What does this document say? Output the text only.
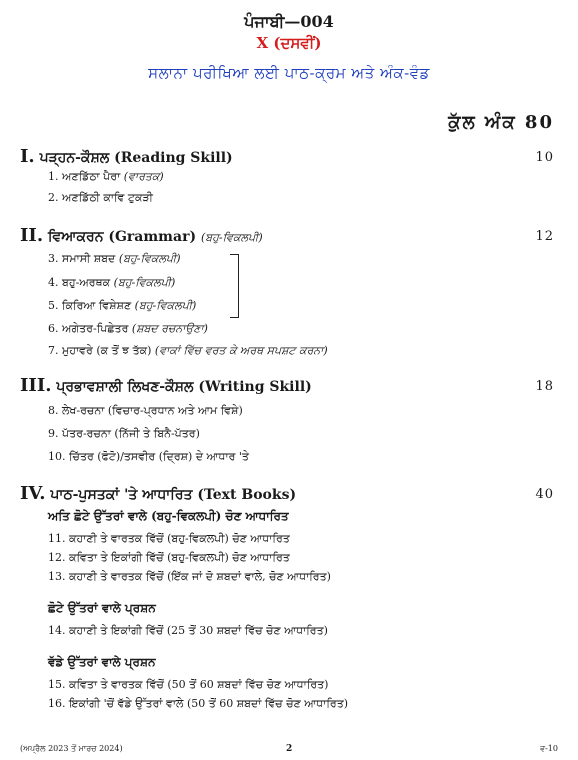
ਪੰਜਾਬੀ—004
X (ਦਸਵੀਂ)
ਸਲਾਨਾ ਪਰੀਖਿਆ ਲਈ ਪਾਠ-ਕ੍ਰਮ ਅਤੇ ਅੰਕ-ਵੰਡ
ਕੁੱਲ ਅੰਕ 80
I. ਪੜ੍ਹਨ-ਕੌਸ਼ਲ (Reading Skill)	10
1. ਅਣਡਿੱਠਾ ਪੈਰਾ (ਵਾਰਤਕ)
2. ਅਣਡਿੱਠੀ ਕਾਵਿ ਟੁਕੜੀ
II. ਵਿਆਕਰਨ (Grammar) (ਬਹੁ-ਵਿਕਲਪੀ)	12
3. ਸਮਾਸੀ ਸ਼ਬਦ (ਬਹੁ-ਵਿਕਲਪੀ)
4. ਬਹੁ-ਅਰਥਕ (ਬਹੁ-ਵਿਕਲਪੀ)
5. ਕਿਰਿਆ ਵਿਸ਼ੇਸ਼ਣ (ਬਹੁ-ਵਿਕਲਪੀ)
6. ਅਗੇਤਰ-ਪਿਛੇਤਰ (ਸ਼ਬਦ ਰਚਨਾਉਣਾ)
7. ਮੁਹਾਵਰੇ (ਕ ਤੋਂ ਝ ਤੱਕ) (ਵਾਕਾਂ ਵਿੱਚ ਵਰਤ ਕੇ ਅਰਥ ਸਪਸ਼ਟ ਕਰਨਾ)
III. ਪ੍ਰਭਾਵਸ਼ਾਲੀ ਲਿਖਣ-ਕੌਸ਼ਲ (Writing Skill)	18
8. ਲੇਖ-ਰਚਨਾ (ਵਿਚਾਰ-ਪ੍ਰਧਾਨ ਅਤੇ ਆਮ ਵਿਸ਼ੇ)
9. ਪੱਤਰ-ਰਚਨਾ (ਨਿੱਜੀ ਤੇ ਬਿਨੈ-ਪੱਤਰ)
10. ਚਿੱਤਰ (ਫੋਟੋ)/ਤਸਵੀਰ (ਦ੍ਰਿਸ਼) ਦੇ ਆਧਾਰ 'ਤੇ
IV. ਪਾਠ-ਪੁਸਤਕਾਂ 'ਤੇ ਆਧਾਰਿਤ (Text Books)	40
ਅਤਿ ਛੋਟੇ ਉੱਤਰਾਂ ਵਾਲੇ (ਬਹੁ-ਵਿਕਲਪੀ) ਚੋਣ ਆਧਾਰਿਤ
11. ਕਹਾਣੀ ਤੇ ਵਾਰਤਕ ਵਿੱਚੋਂ (ਬਹੁ-ਵਿਕਲਪੀ) ਚੋਣ ਆਧਾਰਿਤ
12. ਕਵਿਤਾ ਤੇ ਇਕਾਂਗੀ ਵਿੱਚੋਂ (ਬਹੁ-ਵਿਕਲਪੀ) ਚੋਣ ਆਧਾਰਿਤ
13. ਕਹਾਣੀ ਤੇ ਵਾਰਤਕ ਵਿੱਚੋਂ (ਇੱਕ ਜਾਂ ਦੋ ਸ਼ਬਦਾਂ ਵਾਲੇ, ਚੋਣ ਆਧਾਰਿਤ)
ਛੋਟੇ ਉੱਤਰਾਂ ਵਾਲੇ ਪ੍ਰਸ਼ਨ
14. ਕਹਾਣੀ ਤੇ ਇਕਾਂਗੀ ਵਿੱਚੋਂ (25 ਤੋਂ 30 ਸ਼ਬਦਾਂ ਵਿੱਚ ਚੋਣ ਆਧਾਰਿਤ)
ਵੱਡੇ ਉੱਤਰਾਂ ਵਾਲੇ ਪ੍ਰਸ਼ਨ
15. ਕਵਿਤਾ ਤੇ ਵਾਰਤਕ ਵਿੱਚੋਂ (50 ਤੋਂ 60 ਸ਼ਬਦਾਂ ਵਿੱਚ ਚੋਣ ਆਧਾਰਿਤ)
16. ਇਕਾਂਗੀ 'ਚੋਂ ਵੱਡੇ ਉੱਤਰਾਂ ਵਾਲੇ (50 ਤੋਂ 60 ਸ਼ਬਦਾਂ ਵਿੱਚ ਚੋਣ ਆਧਾਰਿਤ)
(ਅਪ੍ਰੈਲ 2023 ਤੋਂ ਮਾਰਚ 2024)	2	ਵ-10
